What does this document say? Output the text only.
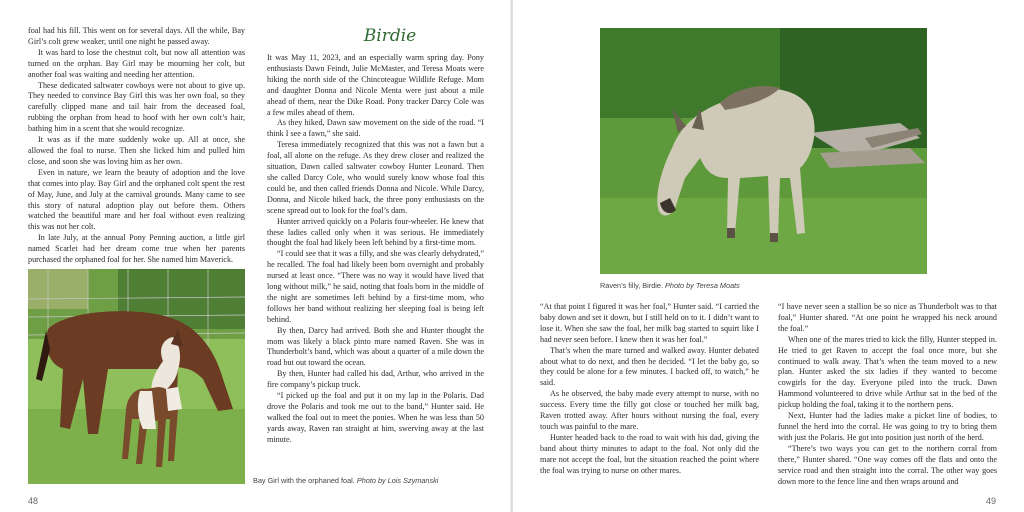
foal had his fill. This went on for several days. All the while, Bay Girl’s colt grew weaker, until one night he passed away.

It was hard to lose the chestnut colt, but now all attention was turned on the orphan. Bay Girl may be mourning her colt, but another foal was waiting and needing her attention.

These dedicated saltwater cowboys were not about to give up. They needed to convince Bay Girl this was her own foal, so they carefully clipped mane and tail hair from the deceased foal, rubbing the orphan from head to hoof with her own colt’s hair, bathing him in a scent that she would recognize.

It was as if the mare suddenly woke up. All at once, she allowed the foal to nurse. Then she licked him and pulled him close, and soon she was loving him as her own.

Even in nature, we learn the beauty of adoption and the love that comes into play. Bay Girl and the orphaned colt spent the rest of May, June, and July at the carnival grounds. Many came to see this story of natural adoption play out before them. Others watched the beautiful mare and her foal without even realizing this was not her colt.

In late July, at the annual Pony Penning auction, a little girl named Scarlet had her dream come true when her parents purchased the orphaned foal for her. She named him Maverick.

Birdie

It was May 11, 2023, and an especially warm spring day. Pony enthusiasts Dawn Feindt, Julie McMaster, and Teresa Moats were hiking the north side of the Chincoteague Wildlife Refuge. Mom and daughter Donna and Nicole Menta were just about a mile ahead of them, near the Dike Road. Pony tracker Darcy Cole was a few miles ahead of them.

As they hiked, Dawn saw movement on the side of the road. “I think I see a fawn,” she said.

Teresa immediately recognized that this was not a fawn but a foal, all alone on the refuge. As they drew closer and realized the situation, Dawn called saltwater cowboy Hunter Leonard. Then she called Darcy Cole, who would surely know whose foal this could be, and then called friends Donna and Nicole. While Darcy, Donna, and Nicole hiked back, the three pony enthusiasts on the scene spread out to look for the foal’s dam.

Hunter arrived quickly on a Polaris four-wheeler. He knew that these ladies called only when it was serious. He immediately thought the foal had likely been left behind by a first-time mom.

“I could see that it was a filly, and she was clearly dehydrated,” he recalled. The foal had likely been born overnight and probably nursed at least once. “There was no way it would have lived that long without milk,” he said, noting that foals born in the middle of the night are sometimes left behind by a first-time mom, who follows her band without realizing her sleeping foal is being left behind.

By then, Darcy had arrived. Both she and Hunter thought the mom was likely a black pinto mare named Raven. She was in Thunderbolt’s band, which was about a quarter of a mile down the road but out toward the ocean.

By then, Hunter had called his dad, Arthur, who arrived in the fire company’s pickup truck.

“I picked up the foal and put it on my lap in the Polaris. Dad drove the Polaris and took me out to the band,” Hunter said. He walked the foal out to meet the ponies. When he was less than 50 yards away, Raven ran straight at him, swerving away at the last minute.

Bay Girl with the orphaned foal. Photo by Lois Szymanski
48
Raven’s filly, Birdie. Photo by Teresa Moats

“At that point I figured it was her foal,” Hunter said. “I carried the baby down and set it down, but I still held on to it. I didn’t want to lose it. When she saw the foal, her milk bag started to squirt like I had never seen before. I knew then it was her foal.”

That’s when the mare turned and walked away. Hunter debated about what to do next, and then he decided. “I let the baby go, so they could be alone for a few minutes. I backed off, to watch,” he said.

As he observed, the baby made every attempt to nurse, with no success. Every time the filly got close or touched her milk bag, Raven trotted away. After hours without nursing the foal, every touch was painful to the mare.

Hunter headed back to the road to wait with his dad, giving the band about thirty minutes to adapt to the foal. Not only did the mare not accept the foal, but the situation reached the point where the foal was trying to nurse on other mares.

“I have never seen a stallion be so nice as Thunderbolt was to that foal,” Hunter shared. “At one point he wrapped his neck around the foal.”

When one of the mares tried to kick the filly, Hunter stepped in. He tried to get Raven to accept the foal once more, but she continued to walk away. That’s when the team moved to a new plan. Hunter asked the six ladies if they wanted to become cowgirls for the day. Everyone piled into the truck. Dawn Hammond volunteered to drive while Arthur sat in the bed of the pickup holding the foal, taking it to the northern pens.

Next, Hunter had the ladies make a picket line of bodies, to funnel the herd into the corral. He was going to try to bring them with just the Polaris. He got into position just north of the herd.

“There’s two ways you can get to the northern corral from there,” Hunter shared. “One way comes off the flats and onto the service road and then straight into the corral. The other way goes down more to the fence line and then wraps around and

49
